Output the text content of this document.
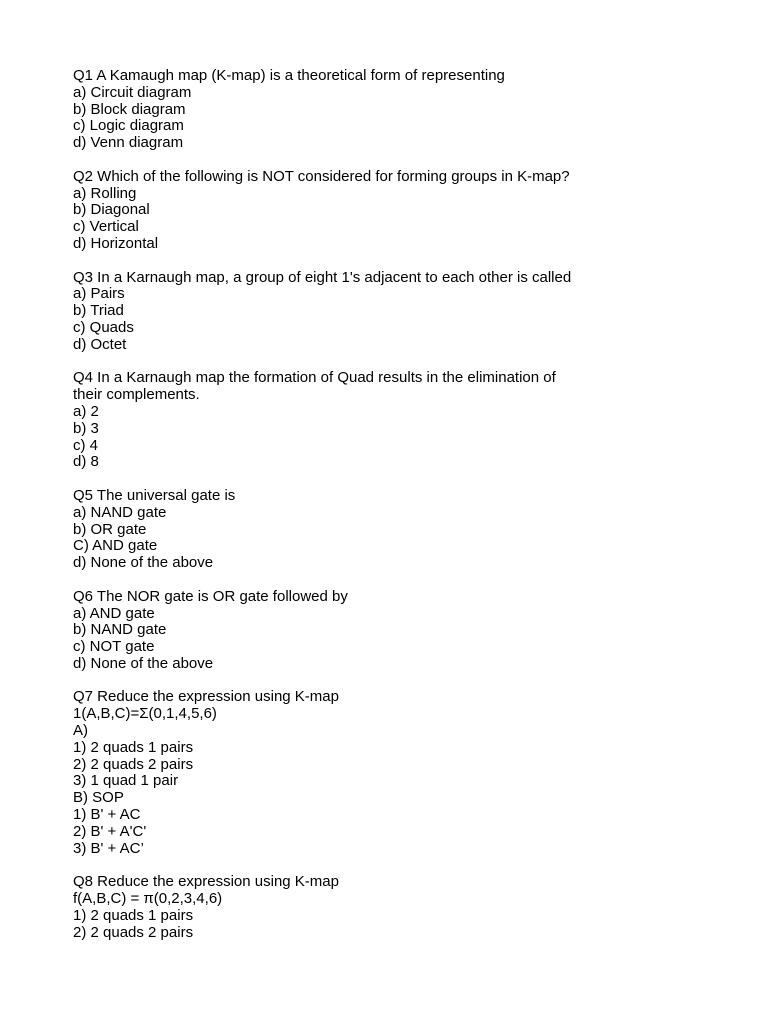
Q1 A Kamaugh map (K-map) is a theoretical form of representing
a) Circuit diagram
b) Block diagram
c) Logic diagram
d) Venn diagram
Q2 Which of the following is NOT considered for forming groups in K-map?
a) Rolling
b) Diagonal
c) Vertical
d) Horizontal
Q3 In a Karnaugh map, a group of eight 1's adjacent to each other is called
a) Pairs
b) Triad
c) Quads
d) Octet
Q4 In a Karnaugh map the formation of Quad results in the elimination of
their complements.
a) 2
b) 3
c) 4
d) 8
Q5 The universal gate is
a) NAND gate
b) OR gate
C) AND gate
d) None of the above
Q6 The NOR gate is OR gate followed by
a) AND gate
b) NAND gate
c) NOT gate
d) None of the above
Q7 Reduce the expression using K-map
1(A,B,C)=Σ(0,1,4,5,6)
A)
1) 2 quads 1 pairs
2) 2 quads 2 pairs
3) 1 quad 1 pair
B) SOP
1) B' + AC
2) B' + A'C'
3) B' + AC’
Q8 Reduce the expression using K-map
f(A,B,C) = π(0,2,3,4,6)
1) 2 quads 1 pairs
2) 2 quads 2 pairs
